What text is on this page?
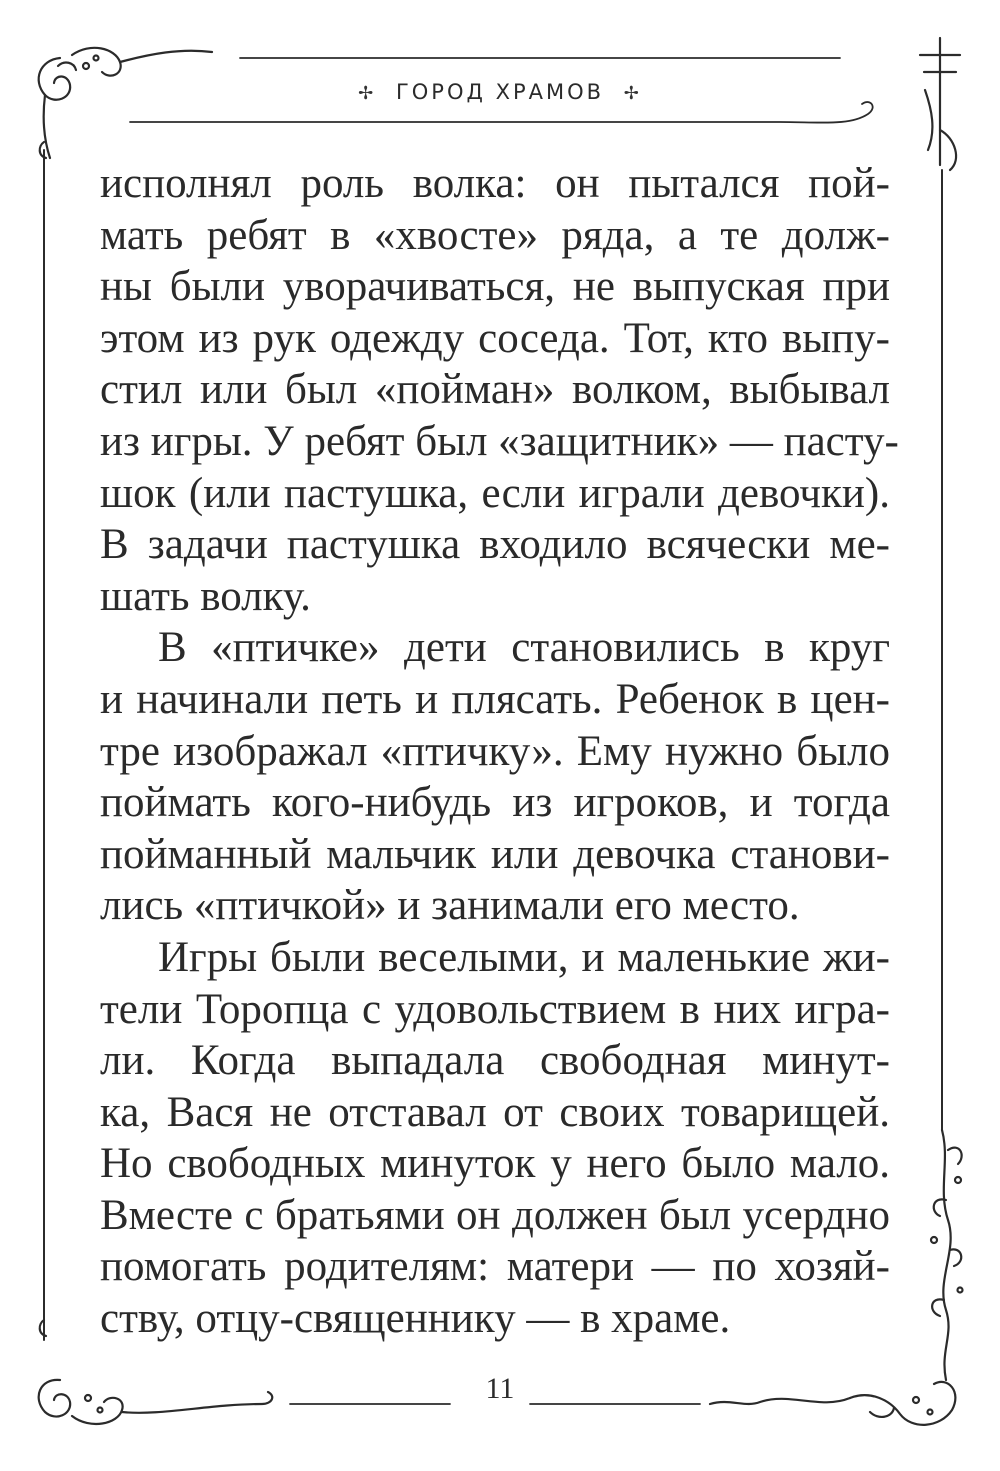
✢ ГОРОД ХРАМОВ ✢
исполнял роль волка: он пытался пой-
мать ребят в «хвосте» ряда, а те долж-
ны были уворачиваться, не выпуская при
этом из рук одежду соседа. Тот, кто выпу-
стил или был «пойман» волком, выбывал
из игры. У ребят был «защитник» — пасту-
шок (или пастушка, если играли девочки).
В задачи пастушка входило всячески ме-
шать волку.
В «птичке» дети становились в круг
и начинали петь и плясать. Ребенок в цен-
тре изображал «птичку». Ему нужно было
поймать кого-нибудь из игроков, и тогда
пойманный мальчик или девочка станови-
лись «птичкой» и занимали его место.
Игры были веселыми, и маленькие жи-
тели Торопца с удовольствием в них игра-
ли. Когда выпадала свободная минут-
ка, Вася не отставал от своих товарищей.
Но свободных минуток у него было мало.
Вместе с братьями он должен был усердно
помогать родителям: матери — по хозяй-
ству, отцу-священнику — в храме.
11
